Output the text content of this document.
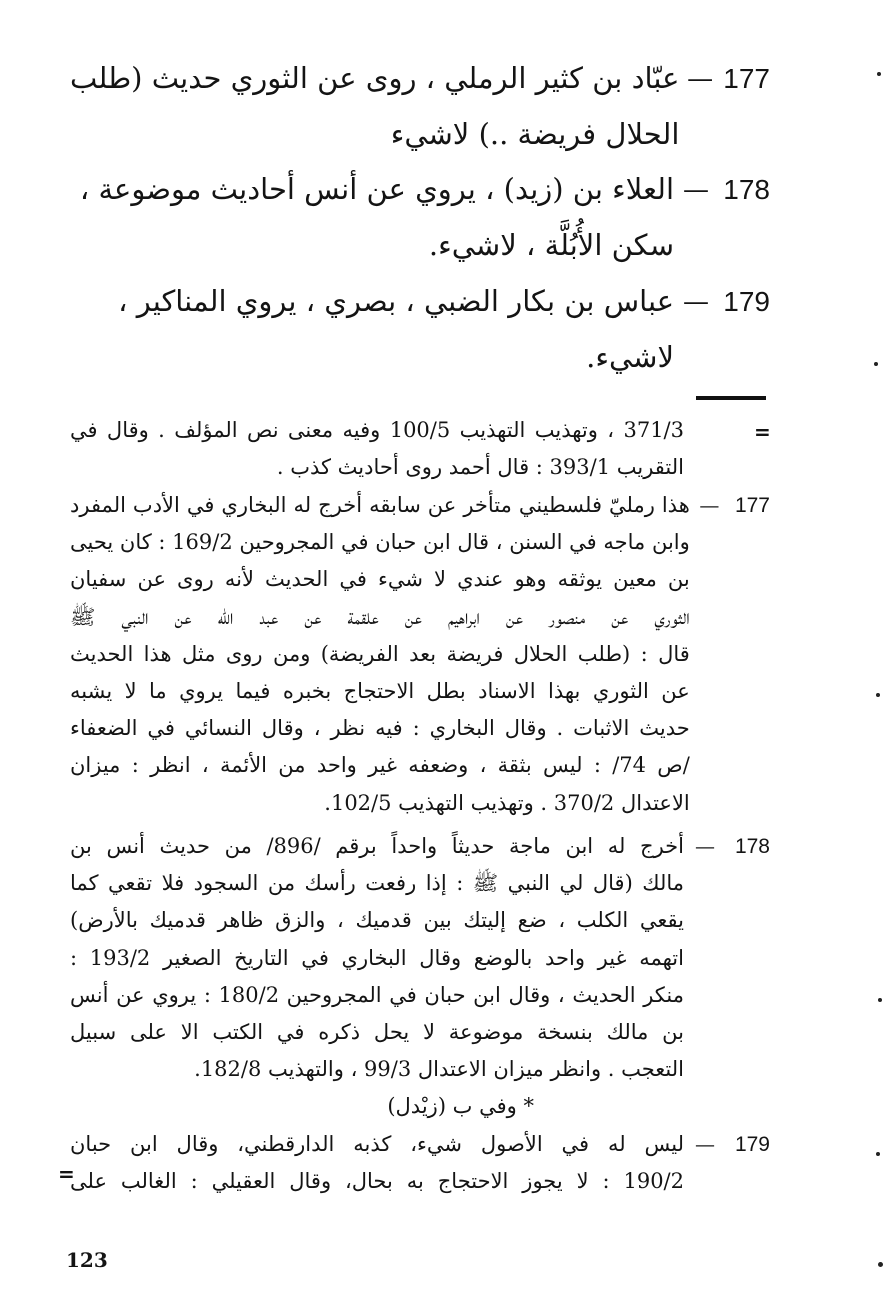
177
—
عبّاد بن كثير الرملي ، روى عن الثوري حديث (طلب
الحلال فريضة ..) لاشيء
178
—
العلاء بن (زيد) ، يروي عن أنس أحاديث موضوعة ،
سكن الأُبُلَّة ، لاشيء.
179
—
عباس بن بكار الضبي ، بصري ، يروي المناكير ،
لاشيء.
=
371/3 ، وتهذيب التهذيب 100/5 وفيه معنى نص المؤلف . وقال في
التقريب 393/1 : قال أحمد روى أحاديث كذب .
177
—
هذا رمليّ فلسطيني متأخر عن سابقه أخرج له البخاري في الأدب المفرد
وابن ماجه في السنن ، قال ابن حبان في المجروحين 169/2 : كان يحيى
بن معين يوثقه وهو عندي لا شيء في الحديث لأنه روى عن سفيان
الثوري عن منصور عن ابراهيم عن علقمة عن عبد الله عن النبي ﷺ
قال : (طلب الحلال فريضة بعد الفريضة) ومن روى مثل هذا الحديث
عن الثوري بهذا الاسناد بطل الاحتجاج بخبره فيما يروي ما لا يشبه
حديث الاثبات . وقال البخاري : فيه نظر ، وقال النسائي في الضعفاء
/ص 74/ : ليس بثقة ، وضعفه غير واحد من الأئمة ، انظر : ميزان
الاعتدال 370/2 . وتهذيب التهذيب 102/5.
178
—
أخرج له ابن ماجة حديثاً واحداً برقم /896/ من حديث أنس بن
مالك (قال لي النبي ﷺ : إذا رفعت رأسك من السجود فلا تقعي كما
يقعي الكلب ، ضع إليتك بين قدميك ، والزق ظاهر قدميك بالأرض)
اتهمه غير واحد بالوضع وقال البخاري في التاريخ الصغير 193/2 :
منكر الحديث ، وقال ابن حبان في المجروحين 180/2 : يروي عن أنس
بن مالك بنسخة موضوعة لا يحل ذكره في الكتب الا على سبيل
التعجب . وانظر ميزان الاعتدال 99/3 ، والتهذيب 182/8.
* وفي ب (زيْدل)
179
—
ليس له في الأصول شيء، كذبه الدارقطني، وقال ابن حبان
190/2 : لا يجوز الاحتجاج به بحال، وقال العقيلي : الغالب على
=
123
